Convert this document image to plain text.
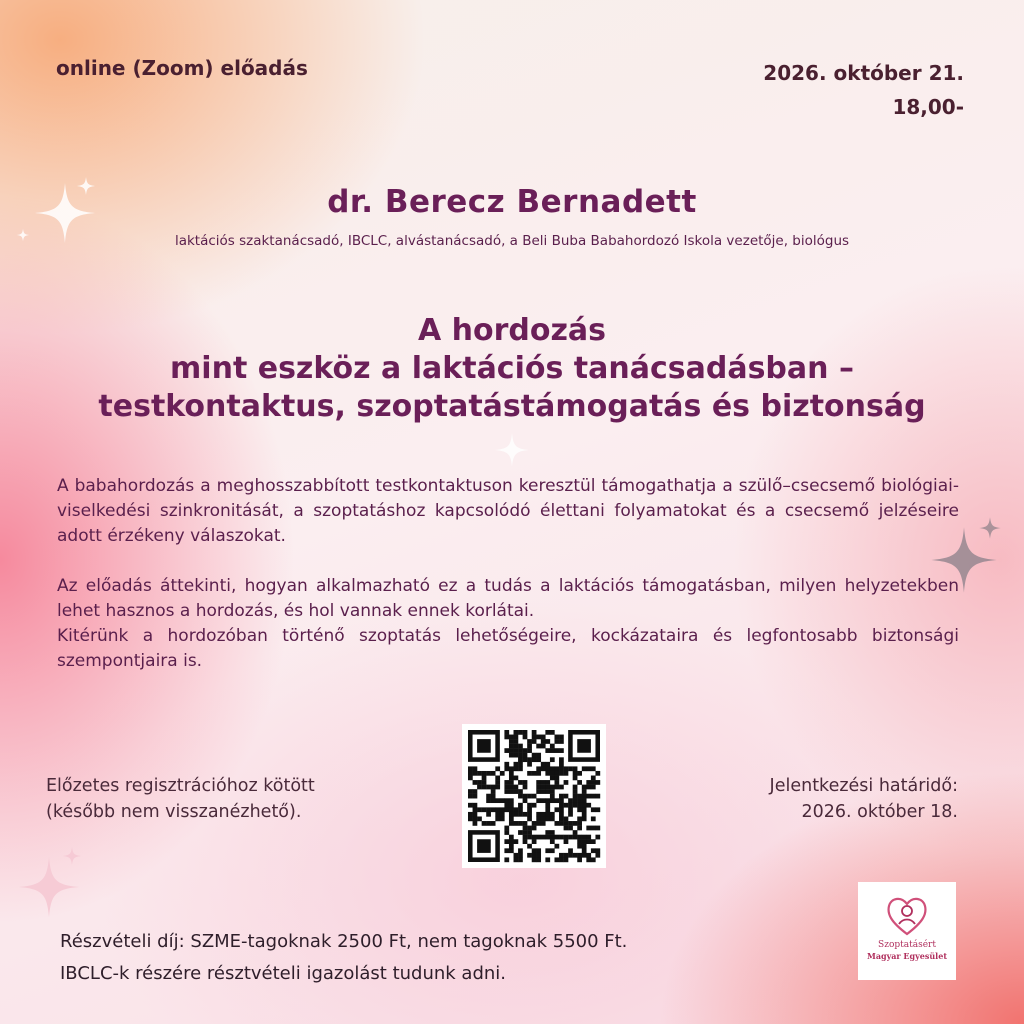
online (Zoom) előadás	2026. október 21.
18,00-
dr. Berecz Bernadett
laktációs szaktanácsadó, IBCLC, alvástanácsadó, a Beli Buba Babahordozó Iskola vezetője, biológus
A hordozás
mint eszköz a laktációs tanácsadásban –
testkontaktus, szoptatástámogatás és biztonság

A babahordozás a meghosszabbított testkontaktuson keresztül támogathatja a szülő–csecsemő biológiai-viselkedési szinkronitását, a szoptatáshoz kapcsolódó élettani folyamatokat és a csecsemő jelzéseire adott érzékeny válaszokat.

Az előadás áttekinti, hogyan alkalmazható ez a tudás a laktációs támogatásban, milyen helyzetekben lehet hasznos a hordozás, és hol vannak ennek korlátai.
Kitérünk a hordozóban történő szoptatás lehetőségeire, kockázataira és legfontosabb biztonsági szempontjaira is.
Előzetes regisztrációhoz kötött
(később nem visszanézhető).
Jelentkezési határidő:
2026. október 18.
Részvételi díj: SZME-tagoknak 2500 Ft, nem tagoknak 5500 Ft.
IBCLC-k részére résztvételi igazolást tudunk adni.
Szoptatásért
Magyar Egyesület
